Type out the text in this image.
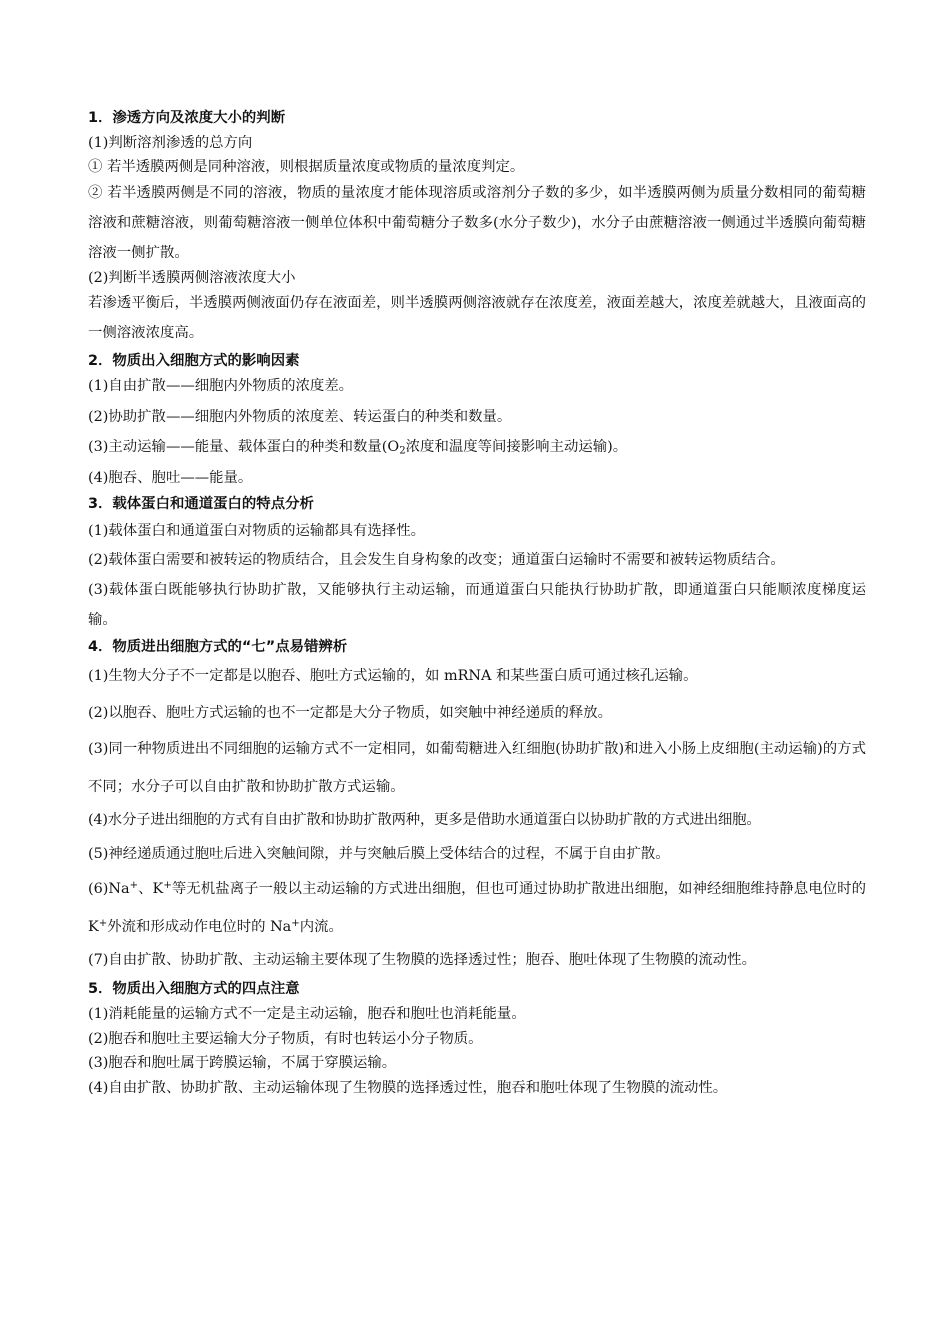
1．渗透方向及浓度大小的判断
(1)判断溶剂渗透的总方向
① 若半透膜两侧是同种溶液，则根据质量浓度或物质的量浓度判定。
② 若半透膜两侧是不同的溶液，物质的量浓度才能体现溶质或溶剂分子数的多少，如半透膜两侧为质量分数相同的葡萄糖溶液和蔗糖溶液，则葡萄糖溶液一侧单位体积中葡萄糖分子数多(水分子数少)，水分子由蔗糖溶液一侧通过半透膜向葡萄糖溶液一侧扩散。
(2)判断半透膜两侧溶液浓度大小
若渗透平衡后，半透膜两侧液面仍存在液面差，则半透膜两侧溶液就存在浓度差，液面差越大，浓度差就越大，且液面高的一侧溶液浓度高。
2．物质出入细胞方式的影响因素
(1)自由扩散——细胞内外物质的浓度差。
(2)协助扩散——细胞内外物质的浓度差、转运蛋白的种类和数量。
(3)主动运输——能量、载体蛋白的种类和数量($O_2$浓度和温度等间接影响主动运输)。
(4)胞吞、胞吐——能量。
3．载体蛋白和通道蛋白的特点分析
(1)载体蛋白和通道蛋白对物质的运输都具有选择性。
(2)载体蛋白需要和被转运的物质结合，且会发生自身构象的改变；通道蛋白运输时不需要和被转运物质结合。
(3)载体蛋白既能够执行协助扩散，又能够执行主动运输，而通道蛋白只能执行协助扩散，即通道蛋白只能顺浓度梯度运输。
4．物质进出细胞方式的“七”点易错辨析
(1)生物大分子不一定都是以胞吞、胞吐方式运输的，如 mRNA 和某些蛋白质可通过核孔运输。
(2)以胞吞、胞吐方式运输的也不一定都是大分子物质，如突触中神经递质的释放。
(3)同一种物质进出不同细胞的运输方式不一定相同，如葡萄糖进入红细胞(协助扩散)和进入小肠上皮细胞(主动运输)的方式不同；水分子可以自由扩散和协助扩散方式运输。
(4)水分子进出细胞的方式有自由扩散和协助扩散两种，更多是借助水通道蛋白以协助扩散的方式进出细胞。
(5)神经递质通过胞吐后进入突触间隙，并与突触后膜上受体结合的过程，不属于自由扩散。
(6)Na+、K+等无机盐离子一般以主动运输的方式进出细胞，但也可通过协助扩散进出细胞，如神经细胞维持静息电位时的 K+外流和形成动作电位时的 Na+内流。
(7)自由扩散、协助扩散、主动运输主要体现了生物膜的选择透过性；胞吞、胞吐体现了生物膜的流动性。
5．物质出入细胞方式的四点注意
(1)消耗能量的运输方式不一定是主动运输，胞吞和胞吐也消耗能量。
(2)胞吞和胞吐主要运输大分子物质，有时也转运小分子物质。
(3)胞吞和胞吐属于跨膜运输，不属于穿膜运输。
(4)自由扩散、协助扩散、主动运输体现了生物膜的选择透过性，胞吞和胞吐体现了生物膜的流动性。
